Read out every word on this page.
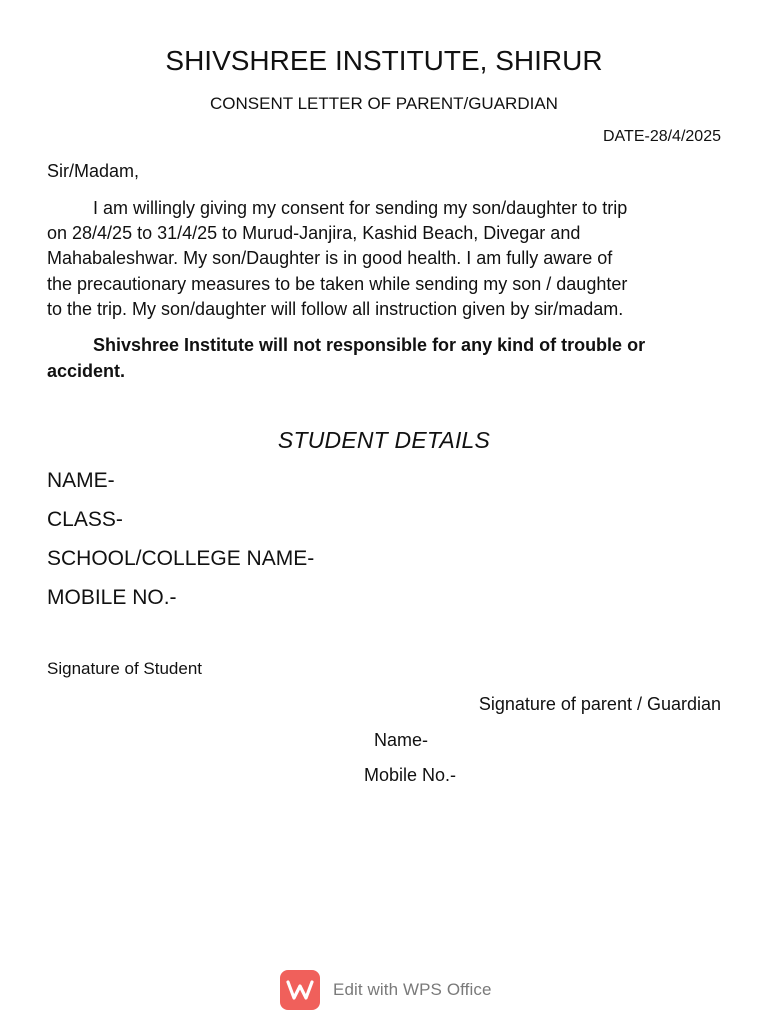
SHIVSHREE INSTITUTE, SHIRUR
CONSENT LETTER OF PARENT/GUARDIAN
DATE-28/4/2025
Sir/Madam,
I am willingly giving my consent for sending my son/daughter to trip
on 28/4/25 to 31/4/25 to Murud-Janjira, Kashid Beach, Divegar and
Mahabaleshwar. My son/Daughter is in good health. I am fully aware of
the precautionary measures to be taken while sending my son / daughter
to the trip. My son/daughter will follow all instruction given by sir/madam.
Shivshree Institute will not responsible for any kind of trouble or
accident.
STUDENT DETAILS
NAME-
CLASS-
SCHOOL/COLLEGE NAME-
MOBILE NO.-
Signature of Student
Signature of parent / Guardian
Name-
Mobile No.-
Edit with WPS Office
